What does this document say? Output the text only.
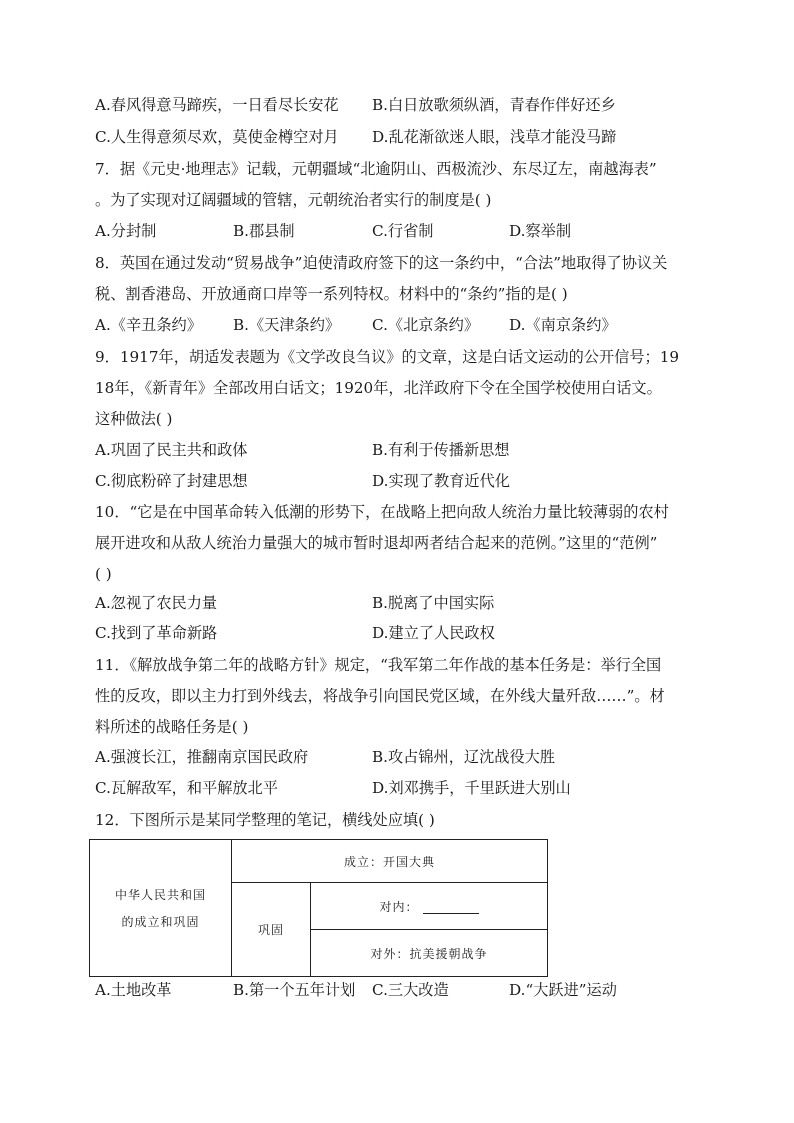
A.春风得意马蹄疾，一日看尽长安花 B.白日放歌须纵酒，青春作伴好还乡
C.人生得意须尽欢，莫使金樽空对月 D.乱花渐欲迷人眼，浅草才能没马蹄
7．据《元史·地理志》记载，元朝疆域“北逾阴山、西极流沙、东尽辽左，南越海表”
。为了实现对辽阔疆域的管辖，元朝统治者实行的制度是( )
A.分封制	B.郡县制	C.行省制	D.察举制
8．英国在通过发动“贸易战争”迫使清政府签下的这一条约中，“合法”地取得了协议关
税、割香港岛、开放通商口岸等一系列特权。材料中的“条约”指的是( )
A.《辛丑条约》 B.《天津条约》 C.《北京条约》 D.《南京条约》
9．1917年，胡适发表题为《文学改良刍议》的文章，这是白话文运动的公开信号；19
18年，《新青年》全部改用白话文；1920年，北洋政府下令在全国学校使用白话文。
这种做法( )
A.巩固了民主共和政体	B.有利于传播新思想
C.彻底粉碎了封建思想	D.实现了教育近代化
10．“它是在中国革命转入低潮的形势下，在战略上把向敌人统治力量比较薄弱的农村
展开进攻和从敌人统治力量强大的城市暂时退却两者结合起来的范例。”这里的“范例”
( )
A.忽视了农民力量	B.脱离了中国实际
C.找到了革命新路	D.建立了人民政权
11．《解放战争第二年的战略方针》规定，“我军第二年作战的基本任务是：举行全国
性的反攻，即以主力打到外线去，将战争引向国民党区域，在外线大量歼敌……”。材
料所述的战略任务是( )
A.强渡长江，推翻南京国民政府	B.攻占锦州，辽沈战役大胜
C.瓦解敌军，和平解放北平	D.刘邓携手，千里跃进大别山
12．下图所示是某同学整理的笔记，横线处应填( )
中华人民共和国
的成立和巩固	成立：开国大典	
	巩固	对内：
		对外：抗美援朝战争
A.土地改革	B.第一个五年计划 C.三大改造	D.“大跃进”运动
